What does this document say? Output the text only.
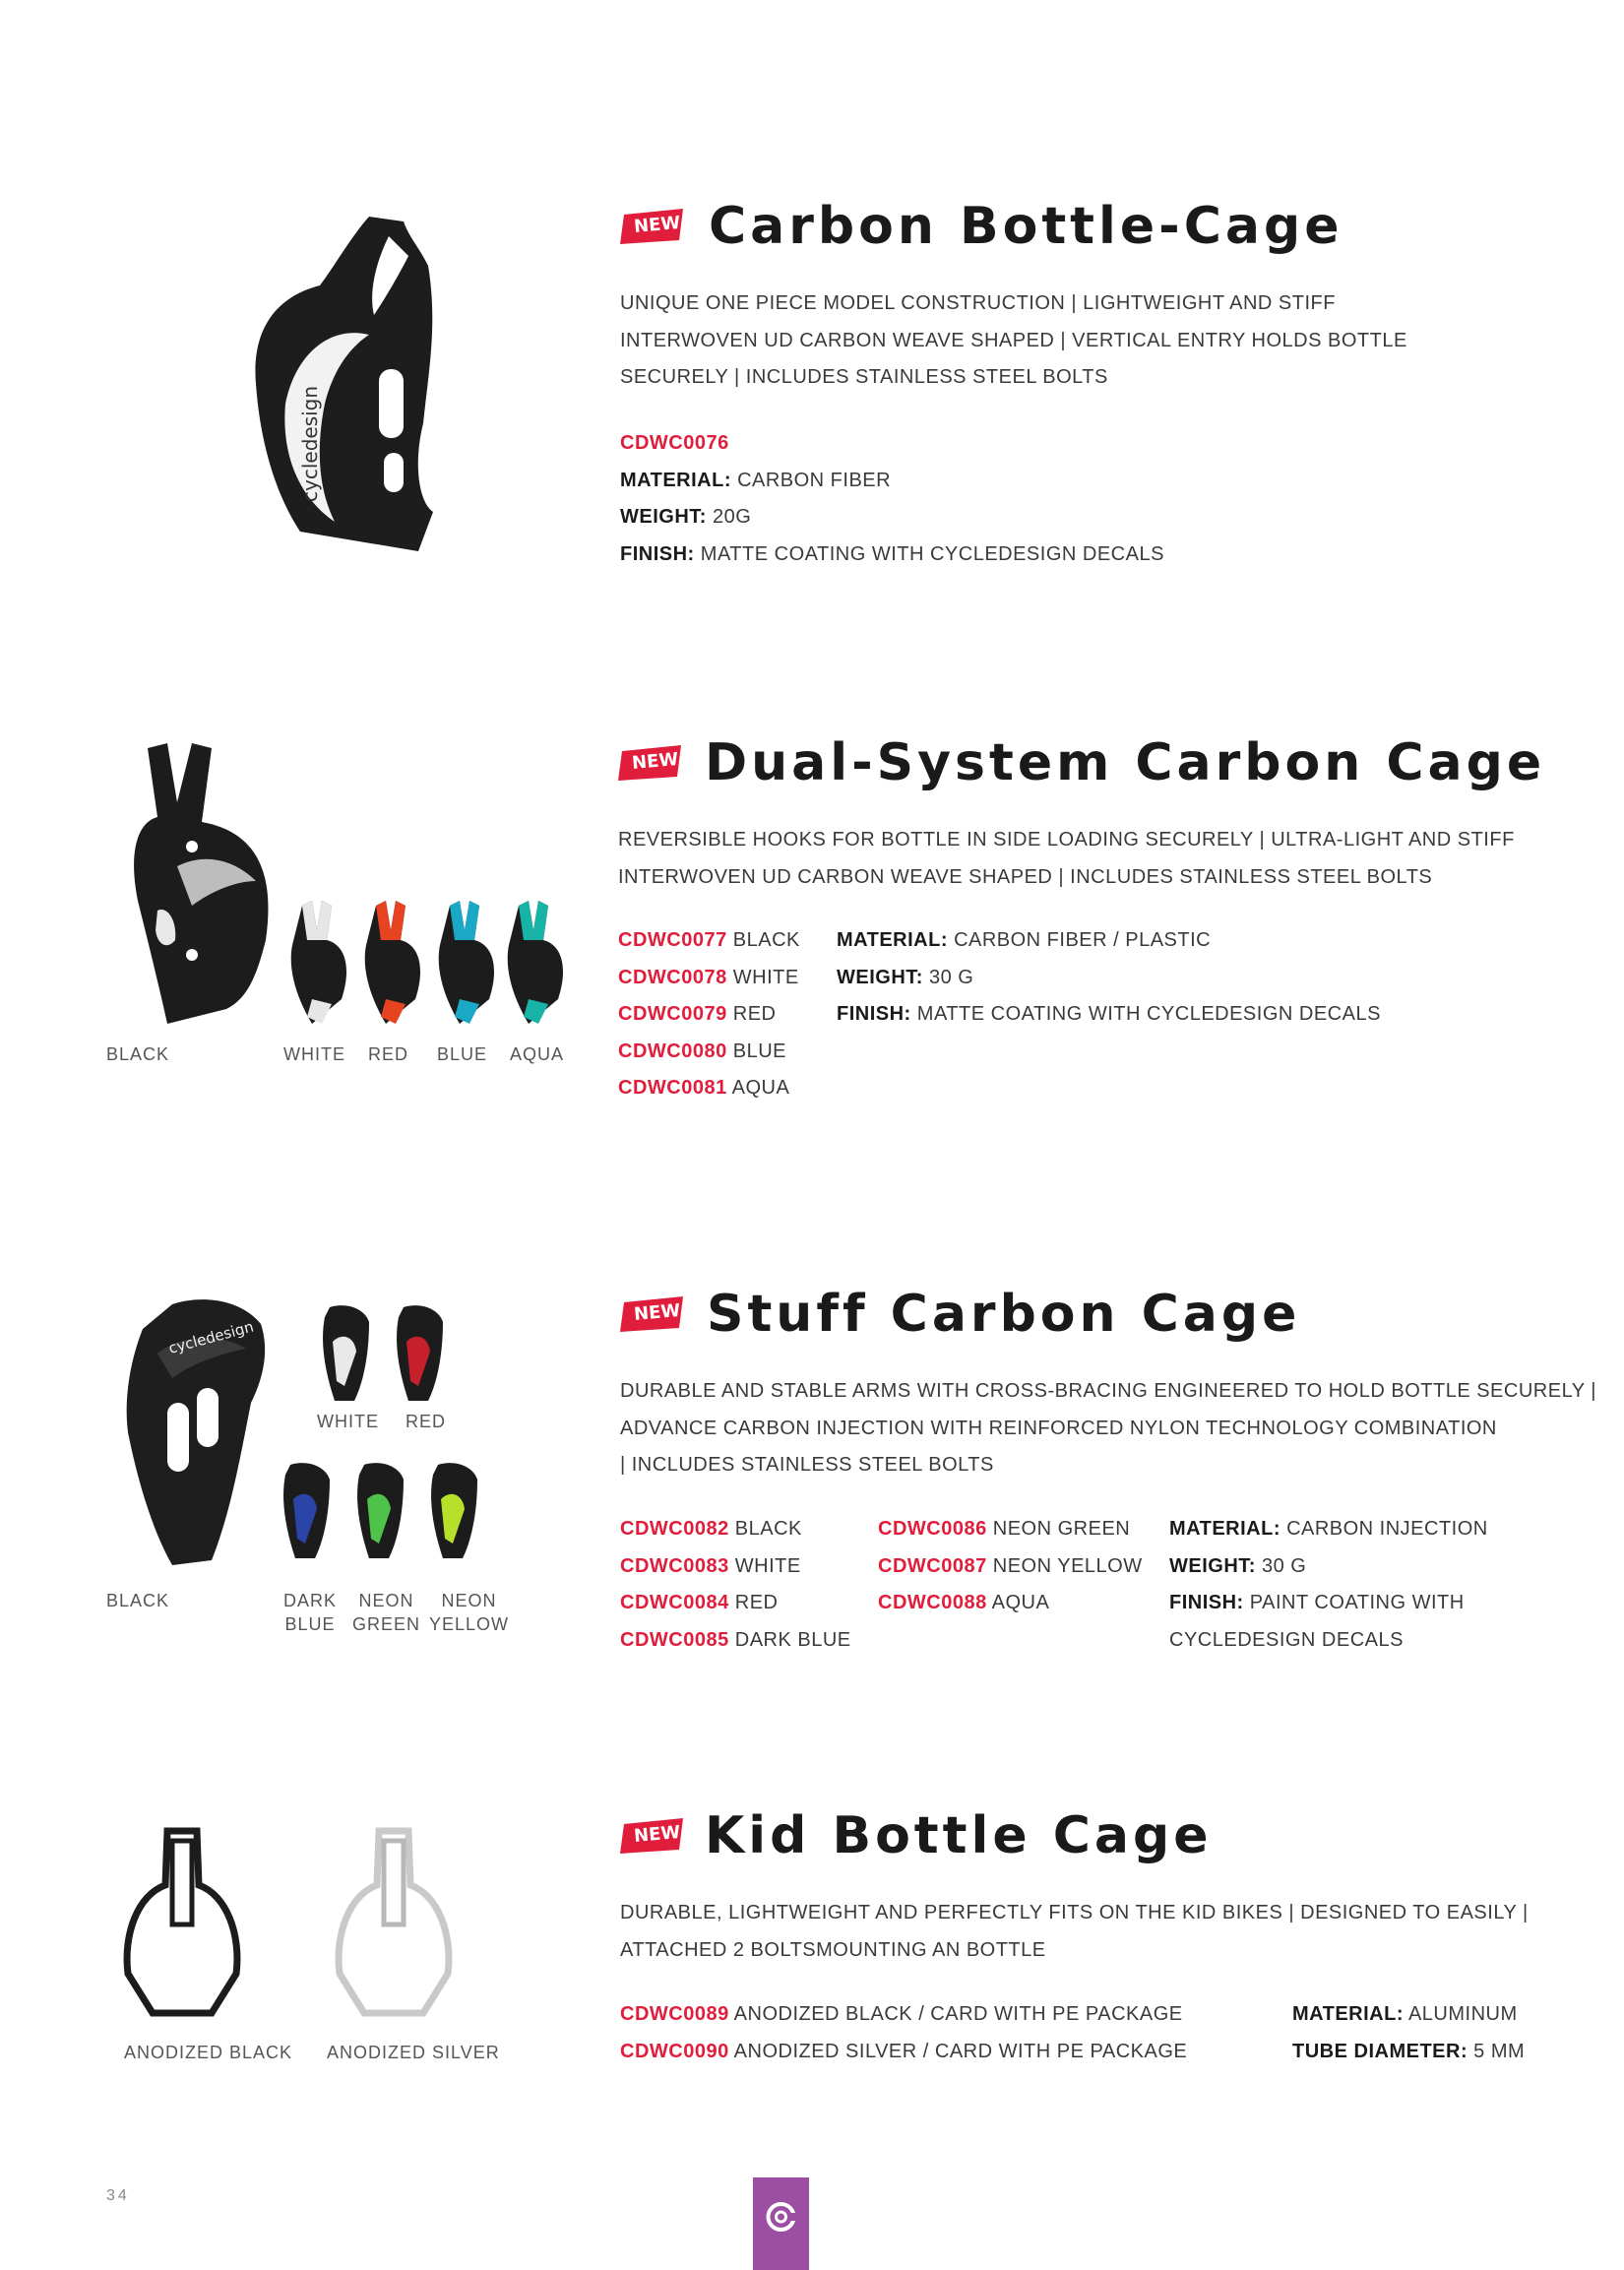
cycledesign
NEW Carbon Bottle-Cage
UNIQUE ONE PIECE MODEL CONSTRUCTION | LIGHTWEIGHT AND STIFF
INTERWOVEN UD CARBON WEAVE SHAPED | VERTICAL ENTRY HOLDS BOTTLE
SECURELY | INCLUDES STAINLESS STEEL BOLTS
CDWC0076
MATERIAL: CARBON FIBER
WEIGHT: 20G
FINISH: MATTE COATING WITH CYCLEDESIGN DECALS
BLACK	WHITE RED BLUE AQUA
NEW Dual-System Carbon Cage
REVERSIBLE HOOKS FOR BOTTLE IN SIDE LOADING SECURELY | ULTRA-LIGHT AND STIFF
INTERWOVEN UD CARBON WEAVE SHAPED | INCLUDES STAINLESS STEEL BOLTS
CDWC0077 BLACK
CDWC0078 WHITE
CDWC0079 RED
CDWC0080 BLUE
CDWC0081 AQUA
MATERIAL: CARBON FIBER / PLASTIC
WEIGHT: 30 G
FINISH: MATTE COATING WITH CYCLEDESIGN DECALS
cycledesign
WHITE RED
BLACK	DARK
BLUE
NEON
GREEN
NEON
YELLOW
NEW Stuff Carbon Cage
DURABLE AND STABLE ARMS WITH CROSS-BRACING ENGINEERED TO HOLD BOTTLE SECURELY |
ADVANCE CARBON INJECTION WITH REINFORCED NYLON TECHNOLOGY COMBINATION
| INCLUDES STAINLESS STEEL BOLTS
CDWC0082 BLACK
CDWC0083 WHITE
CDWC0084 RED
CDWC0085 DARK BLUE
CDWC0086 NEON GREEN
CDWC0087 NEON YELLOW
CDWC0088 AQUA
MATERIAL: CARBON INJECTION
WEIGHT: 30 G
FINISH: PAINT COATING WITH
CYCLEDESIGN DECALS
ANODIZED BLACK ANODIZED SILVER
NEW Kid Bottle Cage
DURABLE, LIGHTWEIGHT AND PERFECTLY FITS ON THE KID BIKES | DESIGNED TO EASILY |
ATTACHED 2 BOLTSMOUNTING AN BOTTLE
CDWC0089 ANODIZED BLACK / CARD WITH PE PACKAGE
CDWC0090 ANODIZED SILVER / CARD WITH PE PACKAGE
MATERIAL: ALUMINUM
TUBE DIAMETER: 5 MM
34
